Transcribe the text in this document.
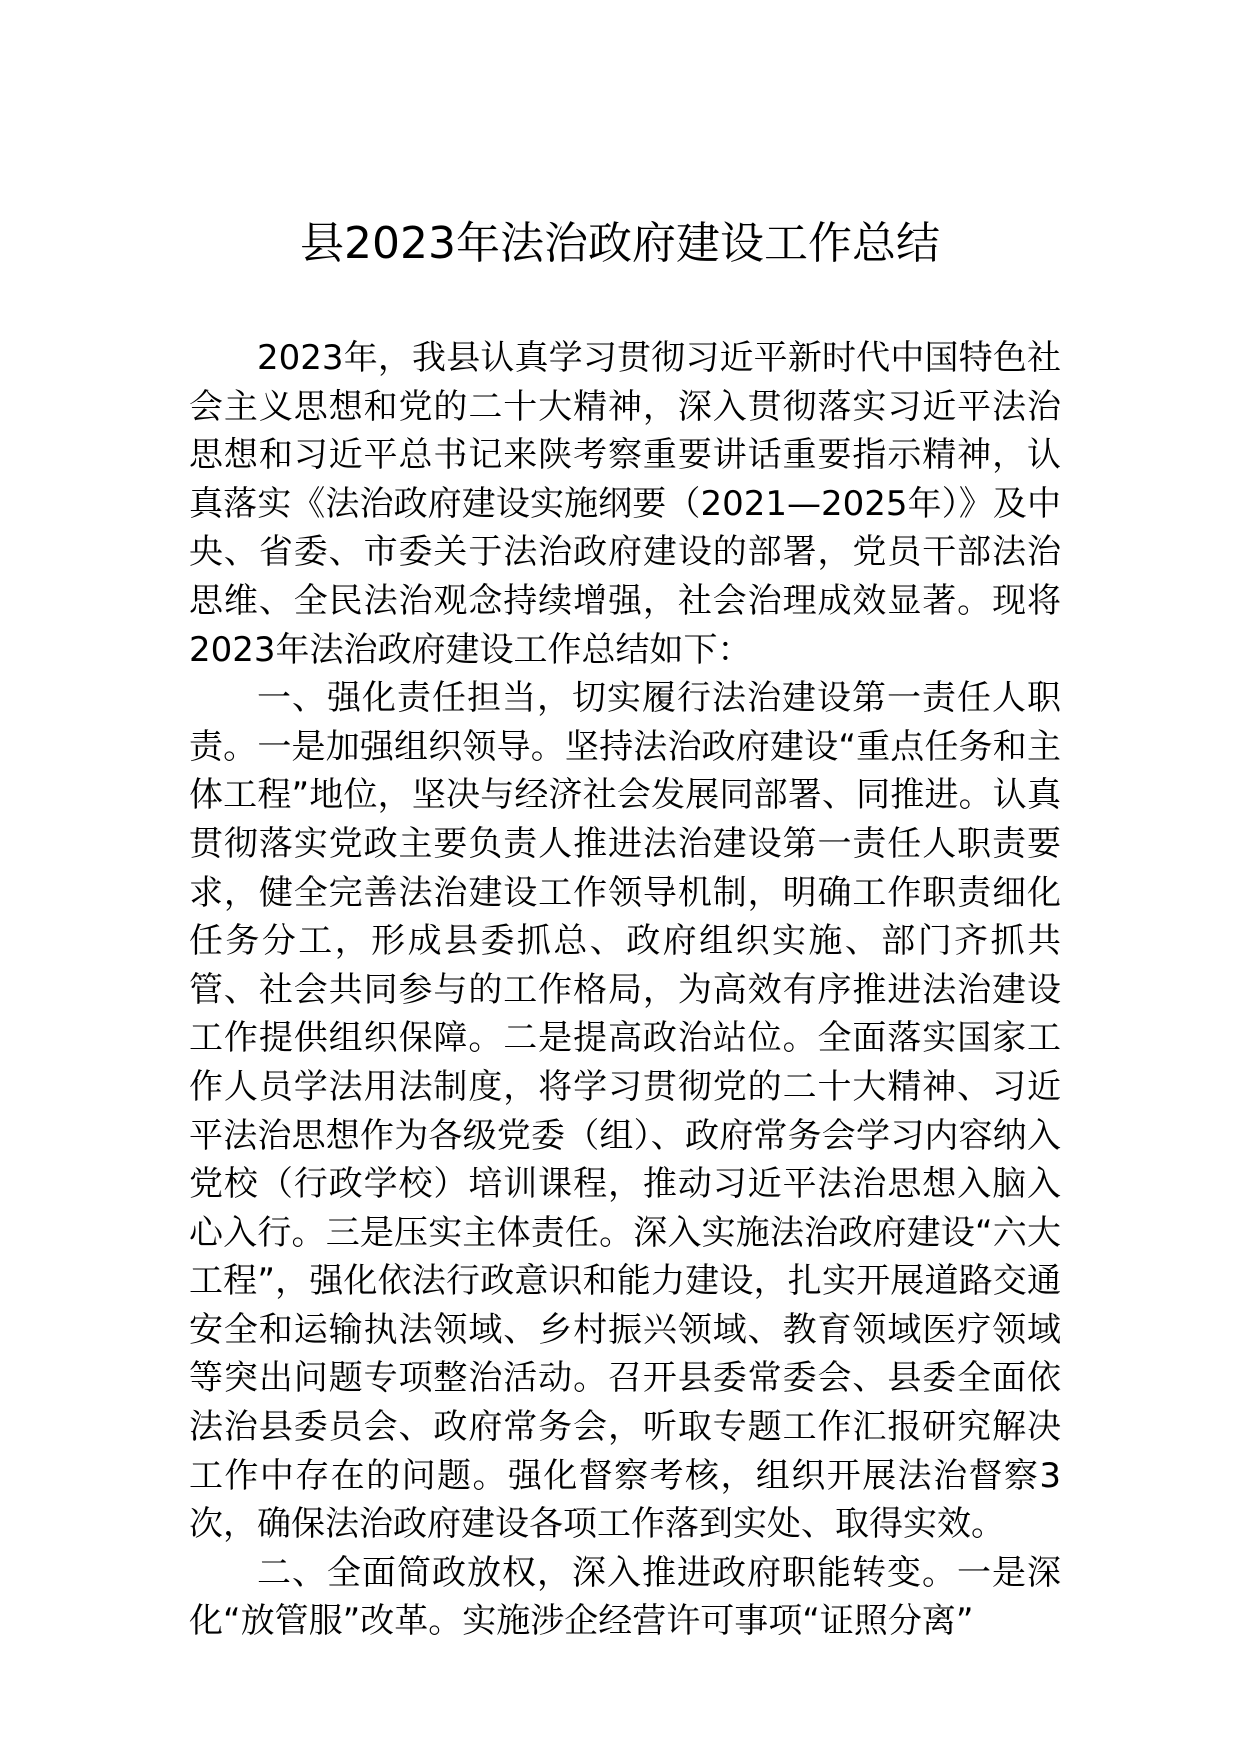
县2023年法治政府建设工作总结

2023年，我县认真学习贯彻习近平新时代中国特色社会主义思想和党的二十大精神，深入贯彻落实习近平法治思想和习近平总书记来陕考察重要讲话重要指示精神，认真落实《法治政府建设实施纲要（2021—2025年）》及中央、省委、市委关于法治政府建设的部署，党员干部法治思维、全民法治观念持续增强，社会治理成效显著。现将2023年法治政府建设工作总结如下：

一、强化责任担当，切实履行法治建设第一责任人职责。一是加强组织领导。坚持法治政府建设“重点任务和主体工程”地位，坚决与经济社会发展同部署、同推进。认真贯彻落实党政主要负责人推进法治建设第一责任人职责要求，健全完善法治建设工作领导机制，明确工作职责细化任务分工，形成县委抓总、政府组织实施、部门齐抓共管、社会共同参与的工作格局，为高效有序推进法治建设工作提供组织保障。二是提高政治站位。全面落实国家工作人员学法用法制度，将学习贯彻党的二十大精神、习近平法治思想作为各级党委（组）、政府常务会学习内容纳入党校（行政学校）培训课程，推动习近平法治思想入脑入心入行。三是压实主体责任。深入实施法治政府建设“六大工程”，强化依法行政意识和能力建设，扎实开展道路交通安全和运输执法领域、乡村振兴领域、教育领域医疗领域等突出问题专项整治活动。召开县委常委会、县委全面依法治县委员会、政府常务会，听取专题工作汇报研究解决工作中存在的问题。强化督察考核，组织开展法治督察3次，确保法治政府建设各项工作落到实处、取得实效。

二、全面简政放权，深入推进政府职能转变。一是深化“放管服”改革。实施涉企经营许可事项“证照分离”
